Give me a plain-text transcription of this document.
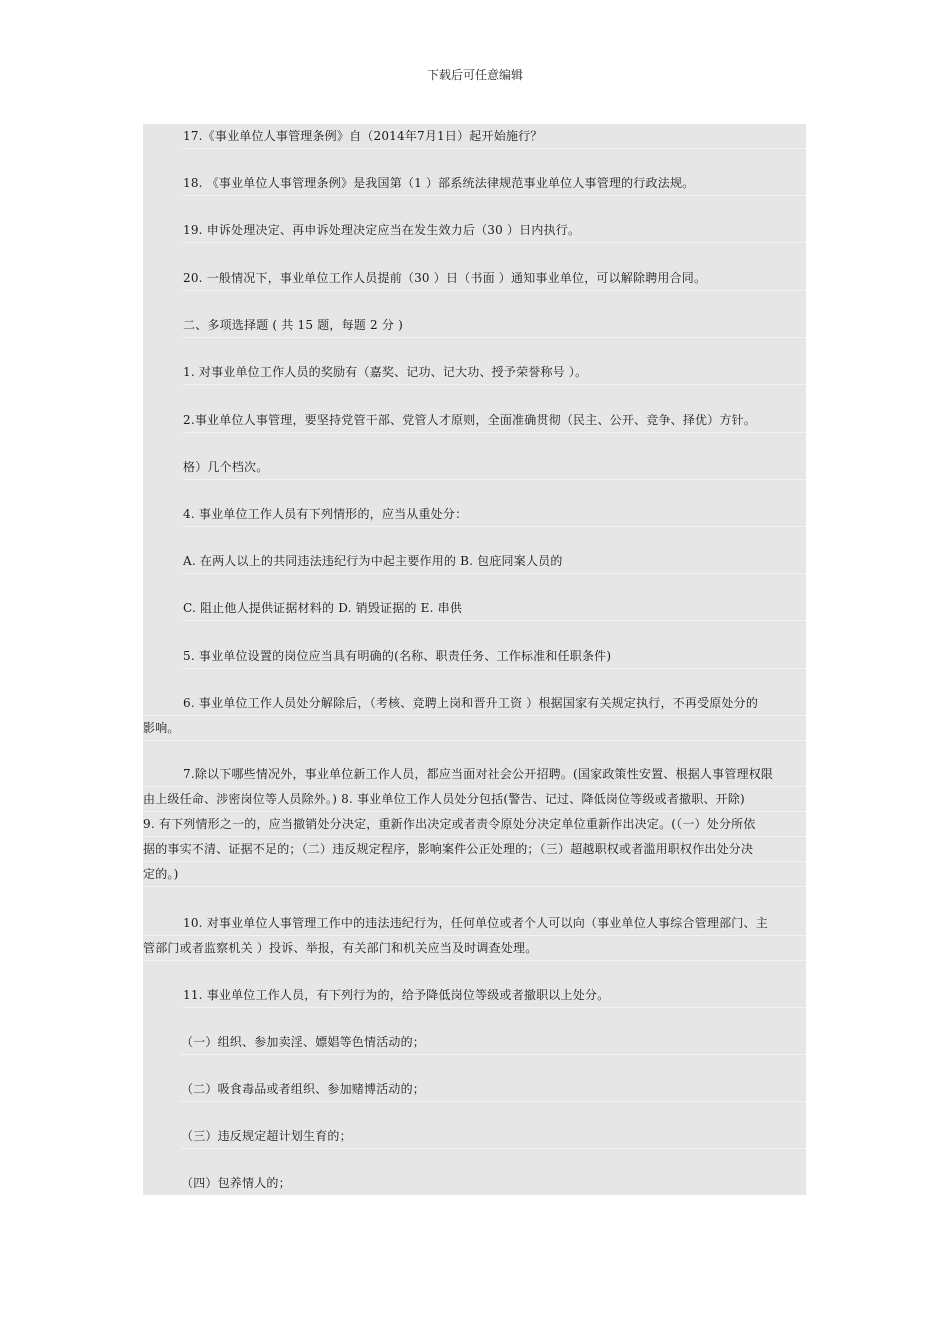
下载后可任意编辑
17.《事业单位人事管理条例》自（2014年7月1日）起开始施行？
18. 《事业单位人事管理条例》是我国第（1 ）部系统法律规范事业单位人事管理的行政法规。
19. 申诉处理决定、再申诉处理决定应当在发生效力后（30 ）日内执行。
20. 一般情况下，事业单位工作人员提前（30 ）日（书面 ）通知事业单位，可以解除聘用合同。
二、多项选择题 ( 共 15 题，每题 2 分 )
1. 对事业单位工作人员的奖励有（嘉奖、记功、记大功、授予荣誉称号 ）。
2.事业单位人事管理，要坚持党管干部、党管人才原则，全面准确贯彻（民主、公开、竞争、择优）方针。
格）几个档次。
4. 事业单位工作人员有下列情形的，应当从重处分：
A. 在两人以上的共同违法违纪行为中起主要作用的 B. 包庇同案人员的
C. 阻止他人提供证据材料的 D. 销毁证据的 E. 串供
5. 事业单位设置的岗位应当具有明确的(名称、职责任务、工作标准和任职条件)
6. 事业单位工作人员处分解除后，（考核、竞聘上岗和晋升工资 ）根据国家有关规定执行，不再受原处分的
影响。
7.除以下哪些情况外，事业单位新工作人员，都应当面对社会公开招聘。(国家政策性安置、根据人事管理权限
由上级任命、涉密岗位等人员除外。) 8. 事业单位工作人员处分包括(警告、记过、降低岗位等级或者撤职、开除)
9. 有下列情形之一的，应当撤销处分决定，重新作出决定或者责令原处分决定单位重新作出决定。(（一）处分所依
据的事实不清、证据不足的；（二）违反规定程序，影响案件公正处理的；（三）超越职权或者滥用职权作出处分决
定的。)
10. 对事业单位人事管理工作中的违法违纪行为，任何单位或者个人可以向（事业单位人事综合管理部门、主
管部门或者监察机关 ）投诉、举报，有关部门和机关应当及时调查处理。
11. 事业单位工作人员，有下列行为的，给予降低岗位等级或者撤职以上处分。
（一）组织、参加卖淫、嫖娼等色情活动的；
（二）吸食毒品或者组织、参加赌博活动的；
（三）违反规定超计划生育的；
（四）包养情人的；
